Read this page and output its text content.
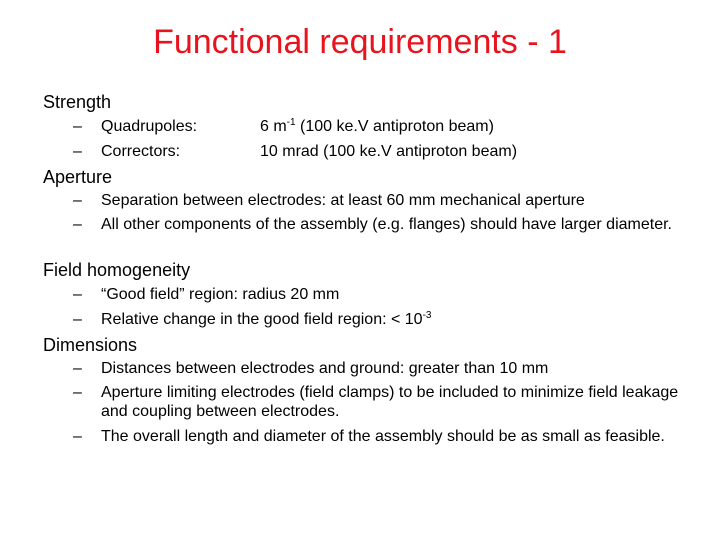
Functional requirements - 1
Strength
– Quadrupoles:	6 $m^{-1}$ (100 ke.V antiproton beam)
– Correctors:	10 mrad (100 ke.V antiproton beam)
Aperture
– Separation between electrodes: at least 60 mm mechanical aperture
– All other components of the assembly (e.g. flanges) should have larger diameter.
Field homogeneity
– “Good field” region: radius 20 mm
– Relative change in the good field region: < $10^{-3}$
Dimensions
– Distances between electrodes and ground: greater than 10 mm
– Aperture limiting electrodes (field clamps) to be included to minimize field leakage and coupling between electrodes.
– The overall length and diameter of the assembly should be as small as feasible.
